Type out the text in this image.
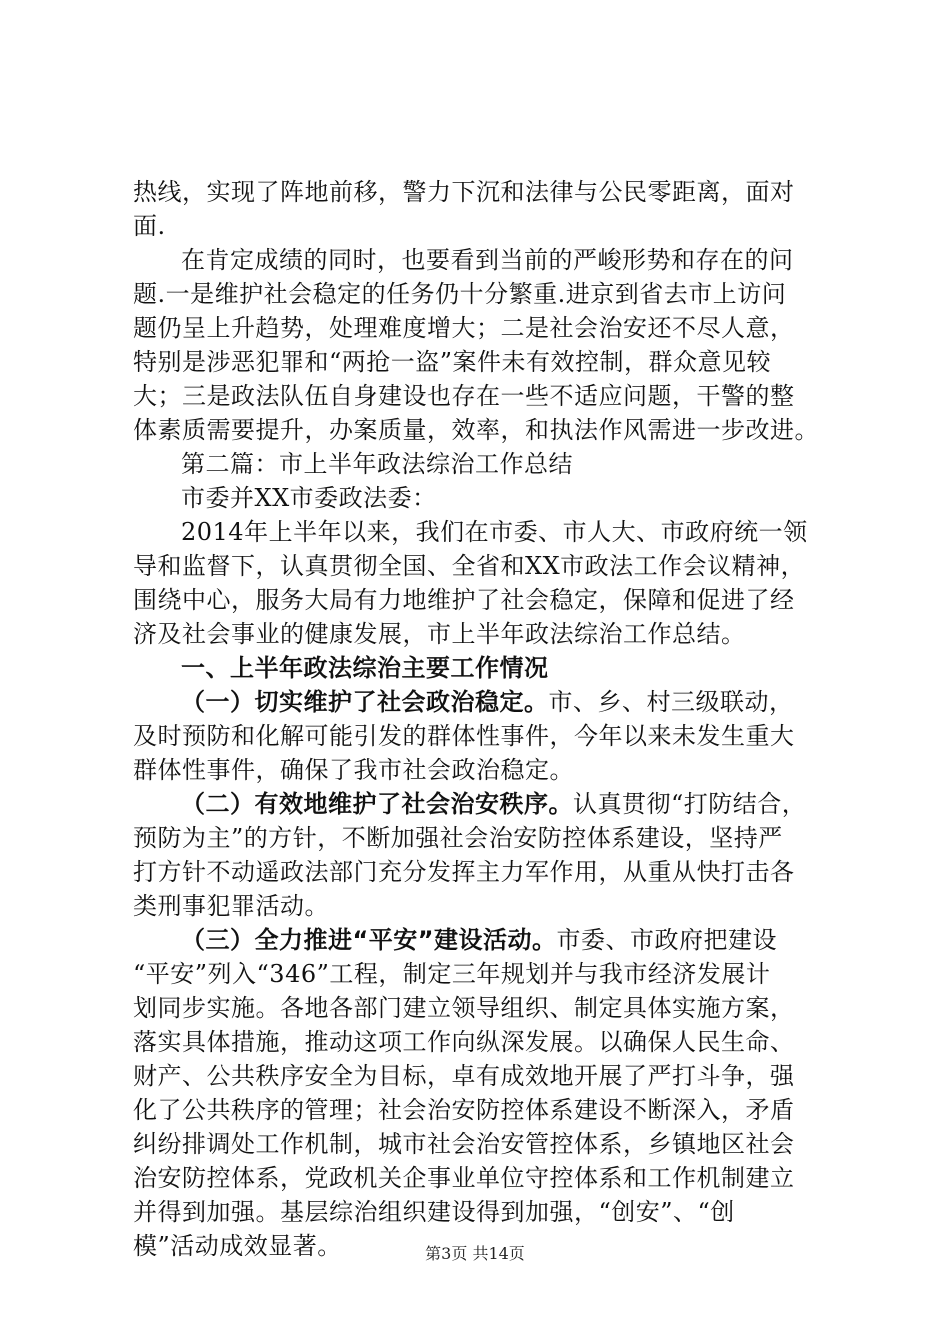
热线，实现了阵地前移，警力下沉和法律与公民零距离，面对
面.
在肯定成绩的同时，也要看到当前的严峻形势和存在的问
题.一是维护社会稳定的任务仍十分繁重.进京到省去市上访问
题仍呈上升趋势，处理难度增大；二是社会治安还不尽人意，
特别是涉恶犯罪和“两抢一盗”案件未有效控制，群众意见较
大；三是政法队伍自身建设也存在一些不适应问题，干警的整
体素质需要提升，办案质量，效率，和执法作风需进一步改进。
第二篇：市上半年政法综治工作总结
市委并XX市委政法委：
2014年上半年以来，我们在市委、市人大、市政府统一领
导和监督下，认真贯彻全国、全省和XX市政法工作会议精神，
围绕中心，服务大局有力地维护了社会稳定，保障和促进了经
济及社会事业的健康发展，市上半年政法综治工作总结。
一、上半年政法综治主要工作情况
（一）切实维护了社会政治稳定。市、乡、村三级联动，
及时预防和化解可能引发的群体性事件，今年以来未发生重大
群体性事件，确保了我市社会政治稳定。
（二）有效地维护了社会治安秩序。认真贯彻“打防结合，
预防为主”的方针，不断加强社会治安防控体系建设，坚持严
打方针不动遥政法部门充分发挥主力军作用，从重从快打击各
类刑事犯罪活动。
（三）全力推进“平安”建设活动。市委、市政府把建设
“平安”列入“346”工程，制定三年规划并与我市经济发展计
划同步实施。各地各部门建立领导组织、制定具体实施方案，
落实具体措施，推动这项工作向纵深发展。以确保人民生命、
财产、公共秩序安全为目标，卓有成效地开展了严打斗争，强
化了公共秩序的管理；社会治安防控体系建设不断深入，矛盾
纠纷排调处工作机制，城市社会治安管控体系，乡镇地区社会
治安防控体系，党政机关企事业单位守控体系和工作机制建立
并得到加强。基层综治组织建设得到加强，“创安”、“创
模”活动成效显著。	第3页 共14页
